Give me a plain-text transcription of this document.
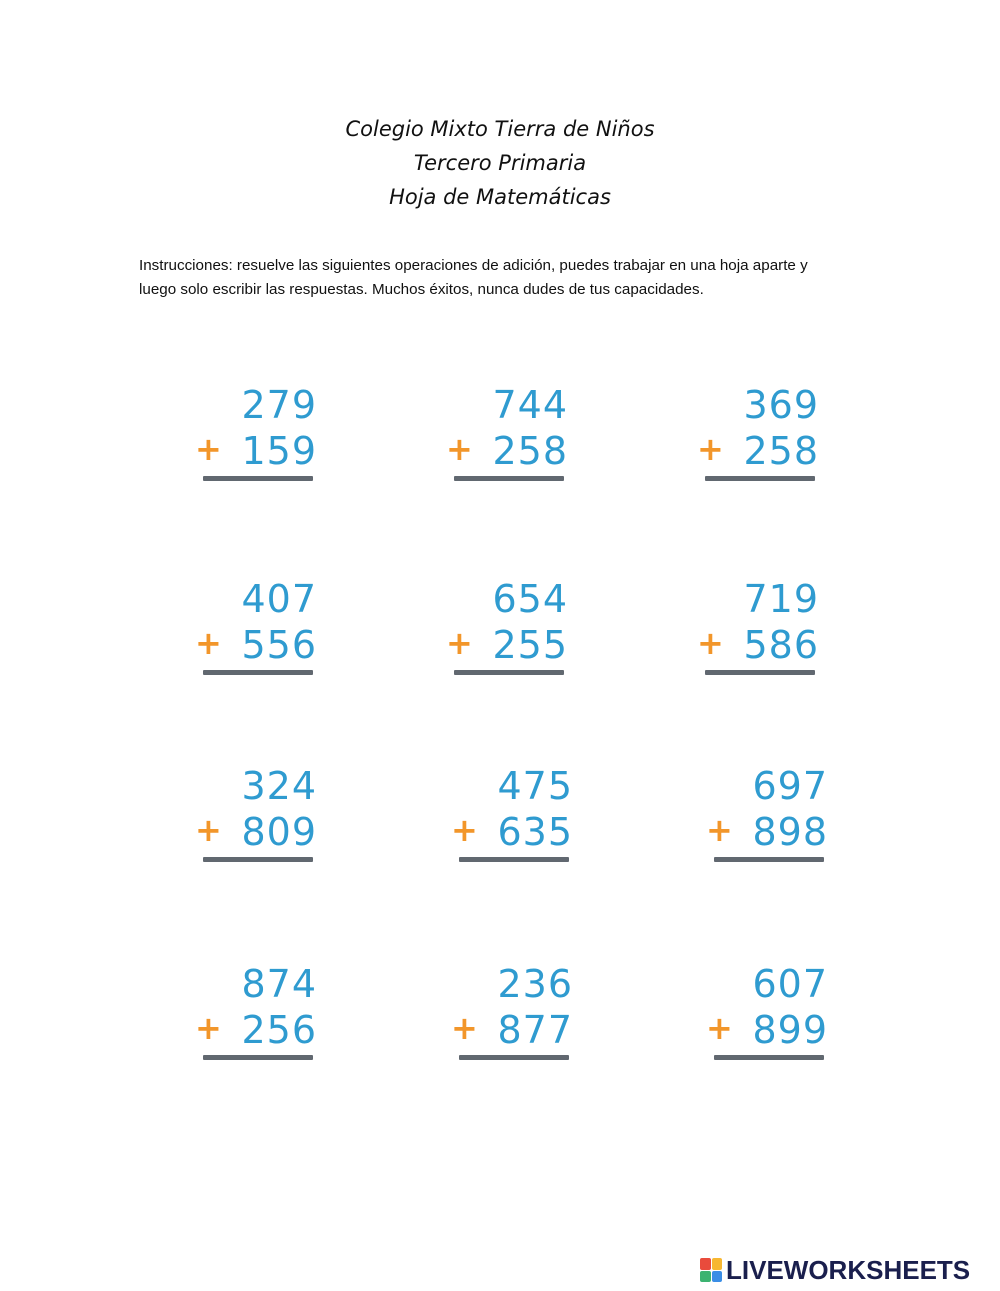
Colegio Mixto Tierra de Niños
Tercero Primaria
Hoja de Matemáticas
Instrucciones: resuelve las siguientes operaciones de adición, puedes trabajar en una hoja aparte y
luego solo escribir las respuestas. Muchos éxitos, nunca dudes de tus capacidades.
279
+ 159
744
+ 258
369
+ 258
407
+ 556
654
+ 255
719
+ 586
324
+ 809
475
+ 635
697
+ 898
874
+ 256
236
+ 877
607
+ 899
LIVEWORKSHEETS
